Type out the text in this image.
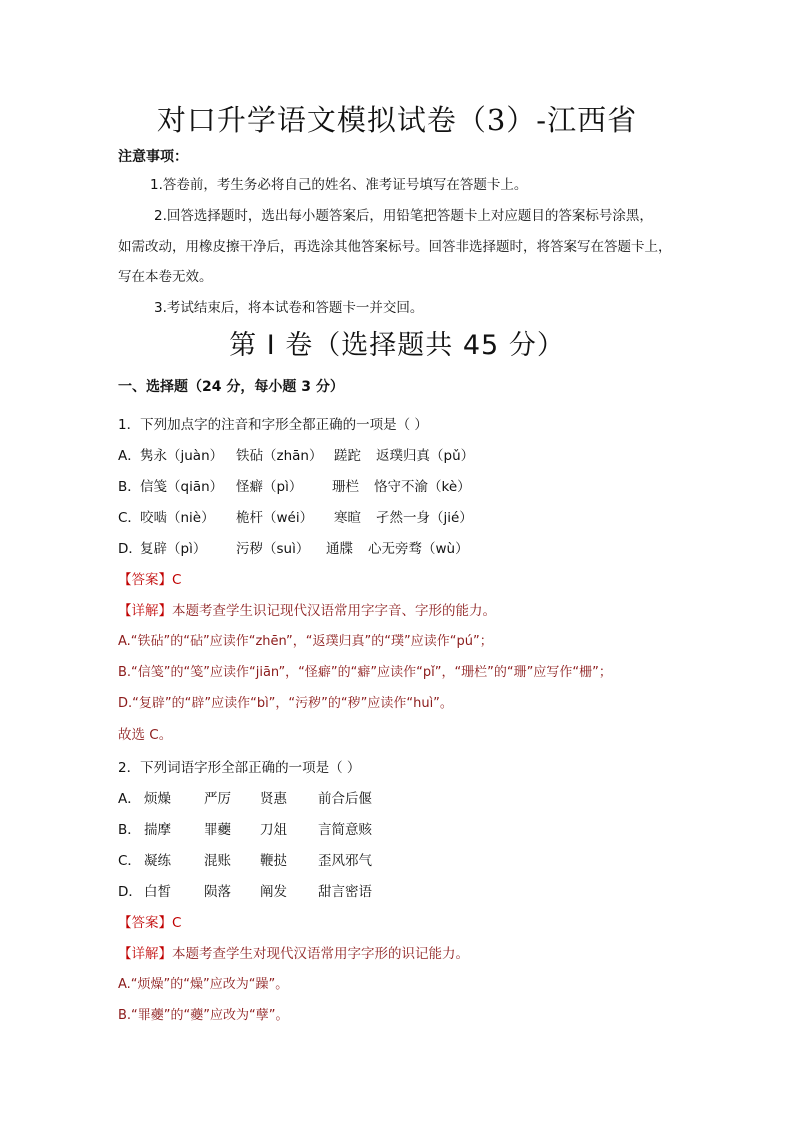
对口升学语文模拟试卷（3）-江西省
注意事项：
1.答卷前，考生务必将自己的姓名、准考证号填写在答题卡上。
2.回答选择题时，选出每小题答案后，用铅笔把答题卡上对应题目的答案标号涂黑，
如需改动，用橡皮擦干净后，再选涂其他答案标号。回答非选择题时，将答案写在答题卡上，
写在本卷无效。
3.考试结束后，将本试卷和答题卡一并交回。
第 I 卷（选择题共 45 分）
一、选择题（24 分，每小题 3 分）
1．下列加点字的注音和字形全都正确的一项是（ ）
A．隽永（juàn） 铁砧（zhān） 蹉跎 返璞归真（pǔ）
B．信笺（qiān） 怪癖（pì） 珊栏 恪守不渝（kè）
C．咬啮（niè） 桅杆（wéi） 寒暄 孑然一身（jié）
D．复辟（pì） 污秽（suì） 通牒 心无旁骛（wù）
【答案】C
【详解】本题考查学生识记现代汉语常用字字音、字形的能力。
A.“铁砧”的“砧”应读作“zhēn”，“返璞归真”的“璞”应读作“pú”；
B.“信笺”的“笺”应读作“jiān”，“怪癖”的“癖”应读作“pǐ”，“珊栏”的“珊”应写作“栅”；
D.“复辟”的“辟”应读作“bì”，“污秽”的“秽”应读作“huì”。
故选 C。
2．下列词语字形全部正确的一项是（ ）
A． 烦燥 严厉 贤惠 前合后偃
B． 揣摩 罪虁 刀俎 言简意赅
C． 凝练 混账 鞭挞 歪风邪气
D． 白皙 陨落 阐发 甜言密语
【答案】C
【详解】本题考查学生对现代汉语常用字字形的识记能力。
A.“烦燥”的“燥”应改为“躁”。
B.“罪虁”的“虁”应改为“孽”。
